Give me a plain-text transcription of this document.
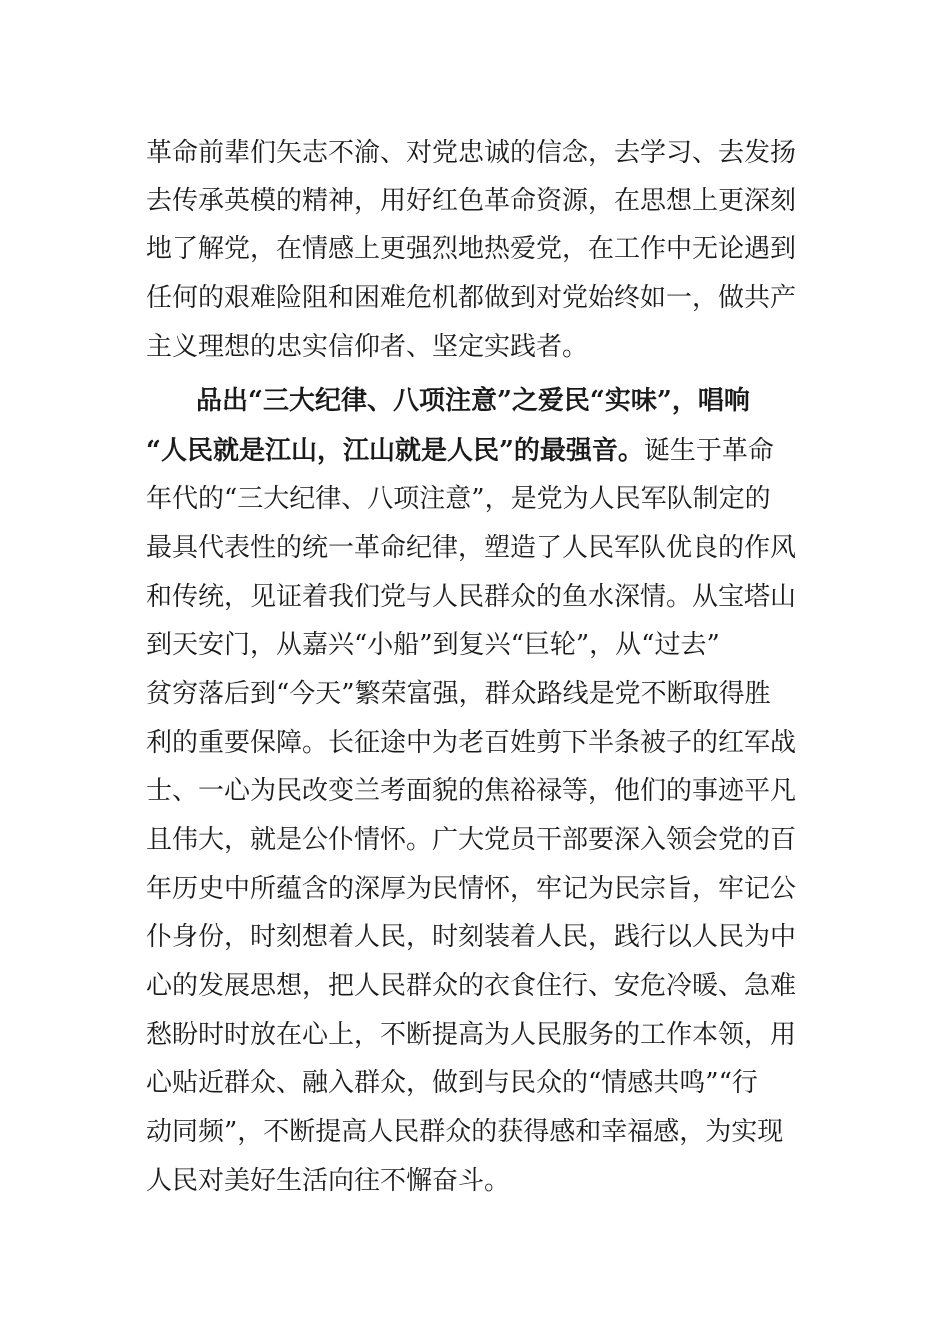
革命前辈们矢志不渝、对党忠诚的信念，去学习、去发扬
去传承英模的精神，用好红色革命资源，在思想上更深刻
地了解党，在情感上更强烈地热爱党，在工作中无论遇到
任何的艰难险阻和困难危机都做到对党始终如一，做共产
主义理想的忠实信仰者、坚定实践者。
品出“三大纪律、八项注意”之爱民“实味”，唱响
“人民就是江山，江山就是人民”的最强音。诞生于革命
年代的“三大纪律、八项注意”，是党为人民军队制定的
最具代表性的统一革命纪律，塑造了人民军队优良的作风
和传统，见证着我们党与人民群众的鱼水深情。从宝塔山
到天安门，从嘉兴“小船”到复兴“巨轮”，从“过去”
贫穷落后到“今天”繁荣富强，群众路线是党不断取得胜
利的重要保障。长征途中为老百姓剪下半条被子的红军战
士、一心为民改变兰考面貌的焦裕禄等，他们的事迹平凡
且伟大，就是公仆情怀。广大党员干部要深入领会党的百
年历史中所蕴含的深厚为民情怀，牢记为民宗旨，牢记公
仆身份，时刻想着人民，时刻装着人民，践行以人民为中
心的发展思想，把人民群众的衣食住行、安危冷暖、急难
愁盼时时放在心上，不断提高为人民服务的工作本领，用
心贴近群众、融入群众，做到与民众的“情感共鸣”“行
动同频”，不断提高人民群众的获得感和幸福感，为实现
人民对美好生活向往不懈奋斗。
